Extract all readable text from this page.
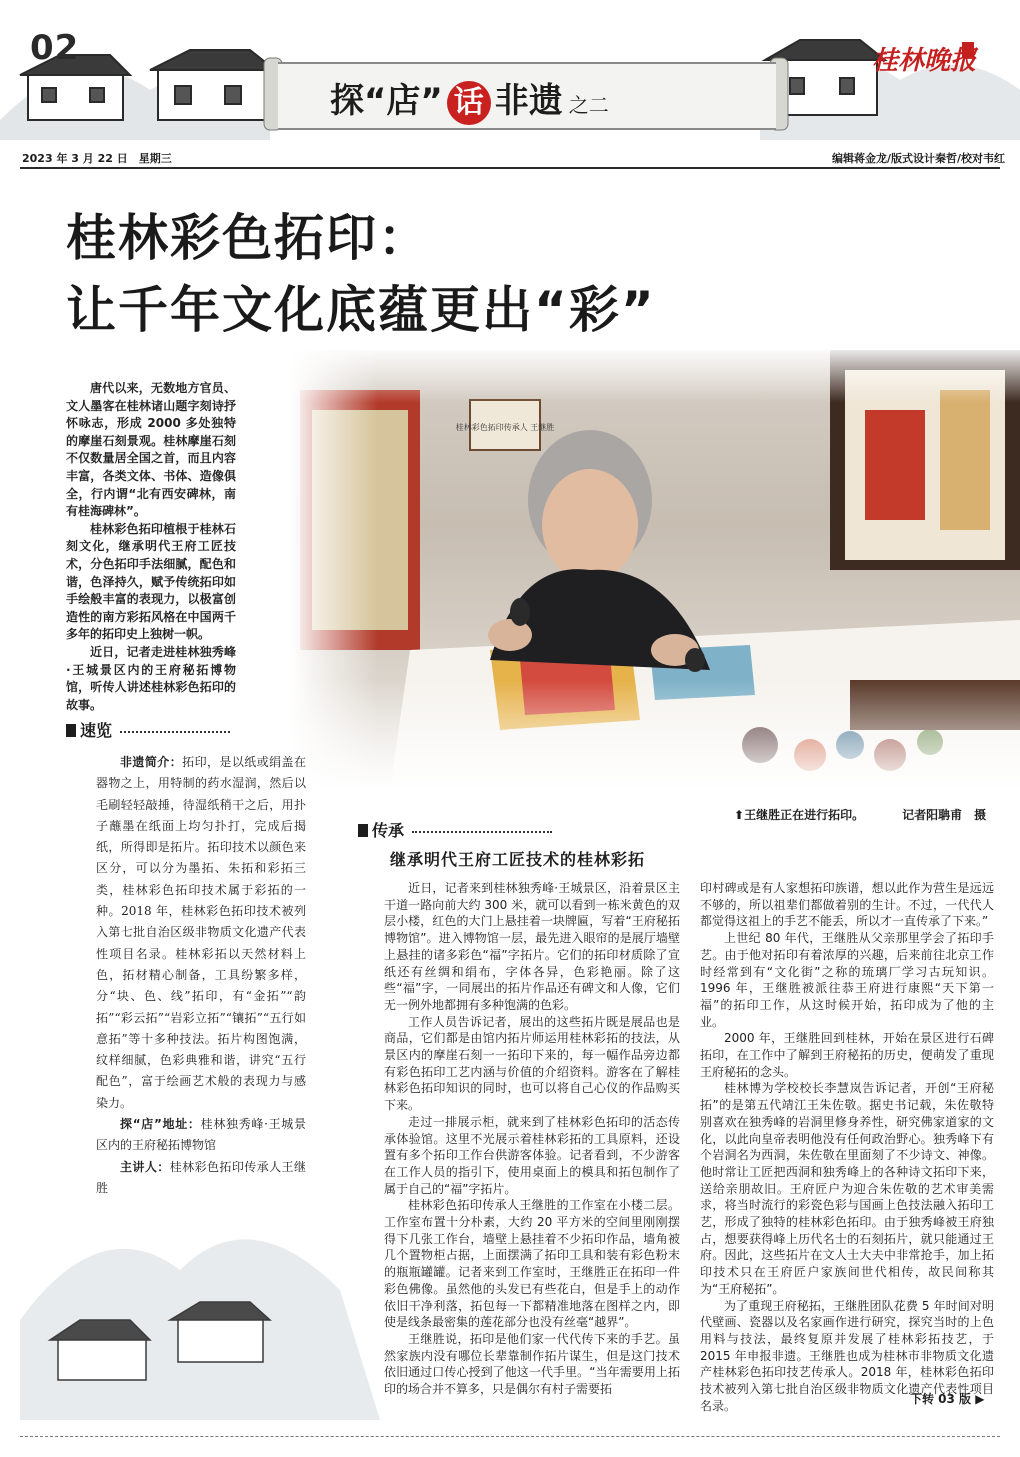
02	桂林晚报
探“店” 话 非遗 之二
2023 年 3 月 22 日　星期三	编辑蒋金龙/版式设计秦哲/校对韦红
桂林彩色拓印：
让千年文化底蕴更出“彩”
⬆王继胜正在进行拓印。	记者阳聃甫　摄

唐代以来，无数地方官员、文人墨客在桂林诸山题字刻诗抒怀咏志，形成 2000 多处独特的摩崖石刻景观。桂林摩崖石刻不仅数量居全国之首，而且内容丰富，各类文体、书体、造像俱全，行内谓“北有西安碑林，南有桂海碑林”。

桂林彩色拓印植根于桂林石刻文化，继承明代王府工匠技术，分色拓印手法细腻，配色和谐，色泽持久，赋予传统拓印如手绘般丰富的表现力，以极富创造性的南方彩拓风格在中国两千多年的拓印史上独树一帜。

近日，记者走进桂林独秀峰·王城景区内的王府秘拓博物馆，听传人讲述桂林彩色拓印的故事。

速览

非遗简介：拓印，是以纸或绢盖在器物之上，用特制的药水湿润，然后以毛刷轻轻敲捶，待湿纸稍干之后，用扑子蘸墨在纸面上均匀扑打，完成后揭纸，所得即是拓片。拓印技术以颜色来区分，可以分为墨拓、朱拓和彩拓三类，桂林彩色拓印技术属于彩拓的一种。2018 年，桂林彩色拓印技术被列入第七批自治区级非物质文化遗产代表性项目名录。桂林彩拓以天然材料上色，拓材精心制备，工具纷繁多样，分“块、色、线”拓印，有“金拓”“韵拓”“彩云拓”“岩彩立拓”“镶拓”“五行如意拓”等十多种技法。拓片构图饱满，纹样细腻，色彩典雅和谐，讲究“五行配色”，富于绘画艺术般的表现力与感染力。

探“店”地址：桂林独秀峰·王城景区内的王府秘拓博物馆

主讲人：桂林彩色拓印传承人王继胜

传承
继承明代王府工匠技术的桂林彩拓

近日，记者来到桂林独秀峰·王城景区，沿着景区主干道一路向前大约 300 米，就可以看到一栋米黄色的双层小楼，红色的大门上悬挂着一块牌匾，写着“王府秘拓博物馆”。进入博物馆一层，最先进入眼帘的是展厅墙壁上悬挂的诸多彩色“福”字拓片。它们的拓印材质除了宣纸还有丝绸和绢布，字体各异，色彩艳丽。除了这些“福”字，一同展出的拓片作品还有碑文和人像，它们无一例外地都拥有多种饱满的色彩。

工作人员告诉记者，展出的这些拓片既是展品也是商品，它们都是由馆内拓片师运用桂林彩拓的技法，从景区内的摩崖石刻一一拓印下来的，每一幅作品旁边都有彩色拓印工艺内涵与价值的介绍资料。游客在了解桂林彩色拓印知识的同时，也可以将自己心仪的作品购买下来。

走过一排展示柜，就来到了桂林彩色拓印的活态传承体验馆。这里不光展示着桂林彩拓的工具原料，还设置有多个拓印工作台供游客体验。记者看到，不少游客在工作人员的指引下，使用桌面上的模具和拓包制作了属于自己的“福”字拓片。

桂林彩色拓印传承人王继胜的工作室在小楼二层。工作室布置十分朴素，大约 20 平方米的空间里刚刚摆得下几张工作台，墙壁上悬挂着不少拓印作品，墙角被几个置物柜占据，上面摆满了拓印工具和装有彩色粉末的瓶瓶罐罐。记者来到工作室时，王继胜正在拓印一件彩色佛像。虽然他的头发已有些花白，但是手上的动作依旧干净利落，拓包每一下都精准地落在图样之内，即使是线条最密集的莲花部分也没有丝毫“越界”。

王继胜说，拓印是他们家一代代传下来的手艺。虽然家族内没有哪位长辈靠制作拓片谋生，但是这门技术依旧通过口传心授到了他这一代手里。“当年需要用上拓印的场合并不算多，只是偶尔有村子需要拓

印村碑或是有人家想拓印族谱，想以此作为营生是远远不够的，所以祖辈们都做着别的生计。不过，一代代人都觉得这祖上的手艺不能丢，所以才一直传承了下来。”

上世纪 80 年代，王继胜从父亲那里学会了拓印手艺。由于他对拓印有着浓厚的兴趣，后来前往北京工作时经常到有“文化街”之称的琉璃厂学习古玩知识。1996 年，王继胜被派往恭王府进行康熙“天下第一福”的拓印工作，从这时候开始，拓印成为了他的主业。

2000 年，王继胜回到桂林，开始在景区进行石碑拓印，在工作中了解到王府秘拓的历史，便萌发了重现王府秘拓的念头。

桂林博为学校校长李慧岚告诉记者，开创“王府秘拓”的是第五代靖江王朱佐敬。据史书记载，朱佐敬特别喜欢在独秀峰的岩洞里修身养性，研究佛家道家的文化，以此向皇帝表明他没有任何政治野心。独秀峰下有个岩洞名为西洞，朱佐敬在里面刻了不少诗文、神像。他时常让工匠把西洞和独秀峰上的各种诗文拓印下来，送给亲朋故旧。王府匠户为迎合朱佐敬的艺术审美需求，将当时流行的彩瓷色彩与国画上色技法融入拓印工艺，形成了独特的桂林彩色拓印。由于独秀峰被王府独占，想要获得峰上历代名士的石刻拓片，就只能通过王府。因此，这些拓片在文人士大夫中非常抢手，加上拓印技术只在王府匠户家族间世代相传，故民间称其为“王府秘拓”。

为了重现王府秘拓，王继胜团队花费 5 年时间对明代壁画、瓷器以及名家画作进行研究，探究当时的上色用料与技法，最终复原并发展了桂林彩拓技艺，于 2015 年申报非遗。王继胜也成为桂林市非物质文化遗产桂林彩色拓印技艺传承人。2018 年，桂林彩色拓印技术被列入第七批自治区级非物质文化遗产代表性项目名录。	下转 03 版 ▶
